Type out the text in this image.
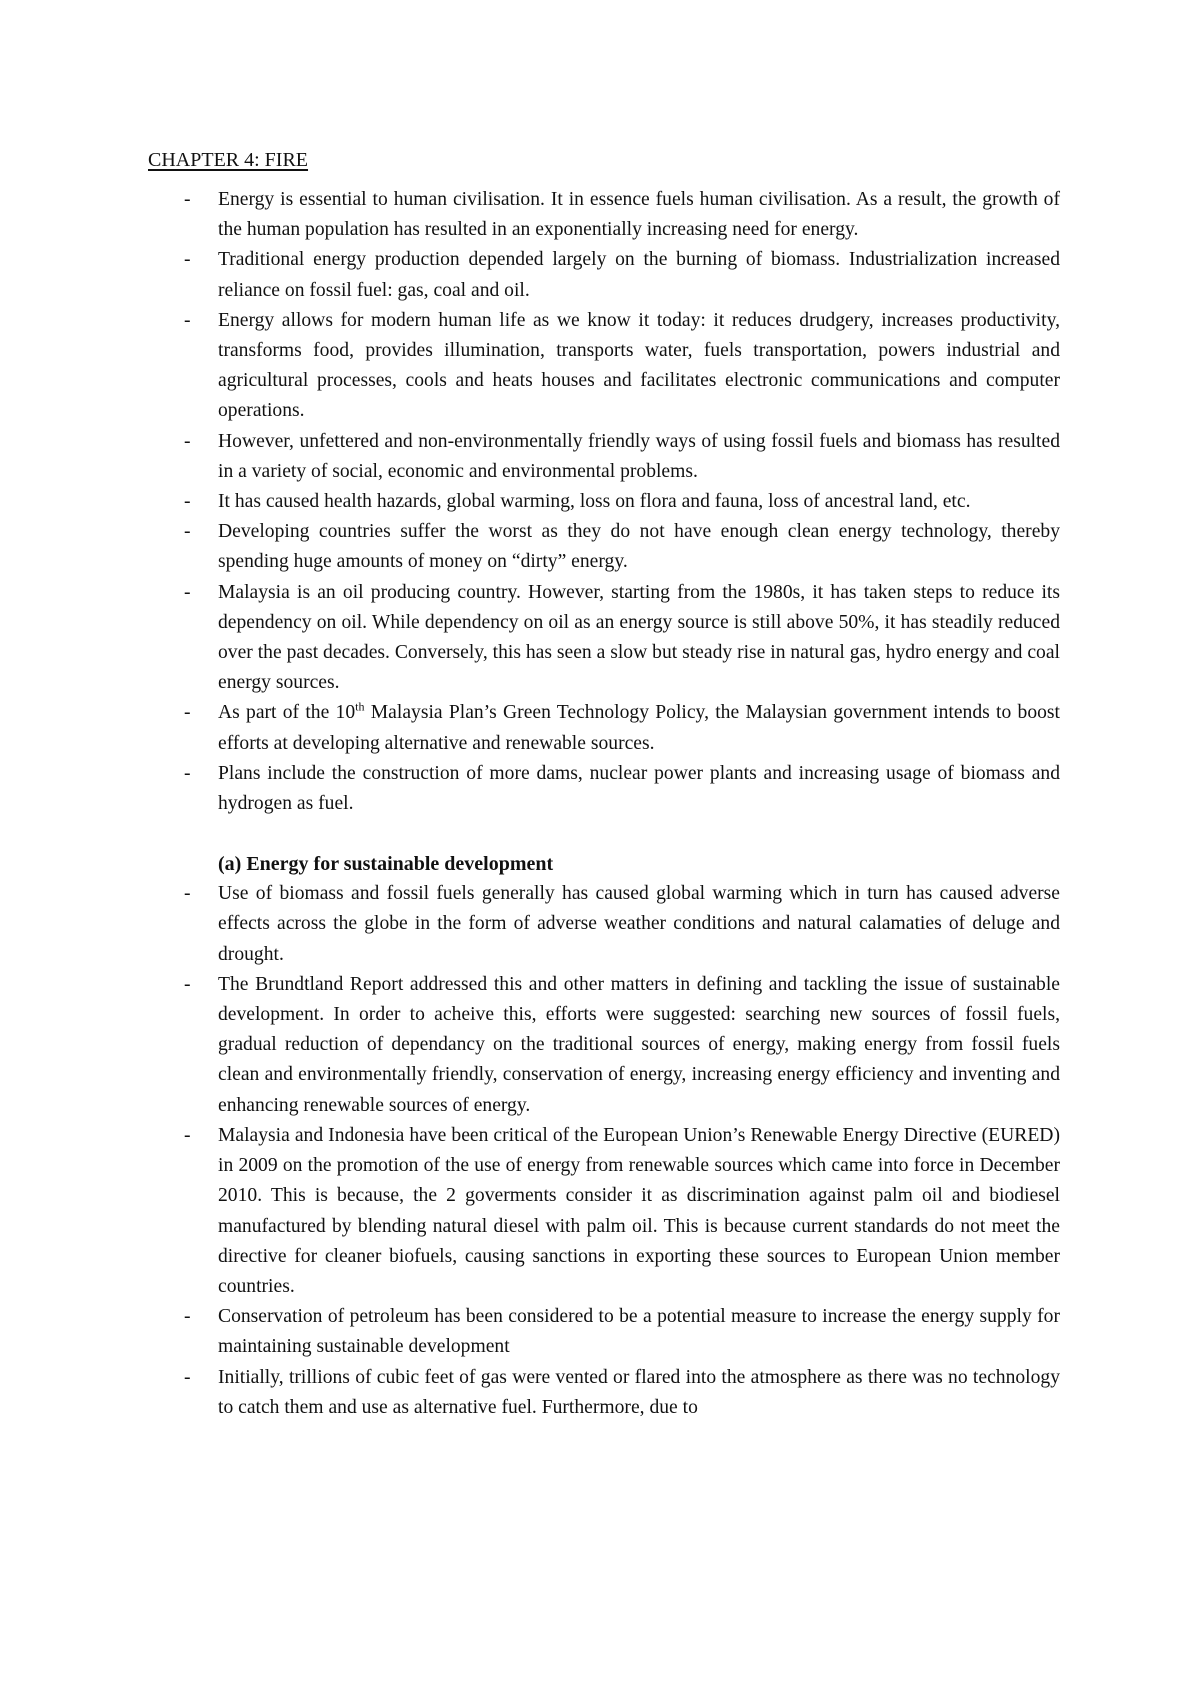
CHAPTER 4: FIRE
- Energy is essential to human civilisation. It in essence fuels human civilisation. As a result, the growth of the human population has resulted in an exponentially increasing need for energy.
- Traditional energy production depended largely on the burning of biomass. Industrialization increased reliance on fossil fuel: gas, coal and oil.
- Energy allows for modern human life as we know it today: it reduces drudgery, increases productivity, transforms food, provides illumination, transports water, fuels transportation, powers industrial and agricultural processes, cools and heats houses and facilitates electronic communications and computer operations.
- However, unfettered and non-environmentally friendly ways of using fossil fuels and biomass has resulted in a variety of social, economic and environmental problems.
- It has caused health hazards, global warming, loss on flora and fauna, loss of ancestral land, etc.
- Developing countries suffer the worst as they do not have enough clean energy technology, thereby spending huge amounts of money on “dirty” energy.
- Malaysia is an oil producing country. However, starting from the 1980s, it has taken steps to reduce its dependency on oil. While dependency on oil as an energy source is still above 50%, it has steadily reduced over the past decades. Conversely, this has seen a slow but steady rise in natural gas, hydro energy and coal energy sources.
- As part of the 10th Malaysia Plan’s Green Technology Policy, the Malaysian government intends to boost efforts at developing alternative and renewable sources.
- Plans include the construction of more dams, nuclear power plants and increasing usage of biomass and hydrogen as fuel.
(a) Energy for sustainable development
- Use of biomass and fossil fuels generally has caused global warming which in turn has caused adverse effects across the globe in the form of adverse weather conditions and natural calamaties of deluge and drought.
- The Brundtland Report addressed this and other matters in defining and tackling the issue of sustainable development. In order to acheive this, efforts were suggested: searching new sources of fossil fuels, gradual reduction of dependancy on the traditional sources of energy, making energy from fossil fuels clean and environmentally friendly, conservation of energy, increasing energy efficiency and inventing and enhancing renewable sources of energy.
- Malaysia and Indonesia have been critical of the European Union’s Renewable Energy Directive (EURED) in 2009 on the promotion of the use of energy from renewable sources which came into force in December 2010. This is because, the 2 goverments consider it as discrimination against palm oil and biodiesel manufactured by blending natural diesel with palm oil. This is because current standards do not meet the directive for cleaner biofuels, causing sanctions in exporting these sources to European Union member countries.
- Conservation of petroleum has been considered to be a potential measure to increase the energy supply for maintaining sustainable development
- Initially, trillions of cubic feet of gas were vented or flared into the atmosphere as there was no technology to catch them and use as alternative fuel. Furthermore, due to
